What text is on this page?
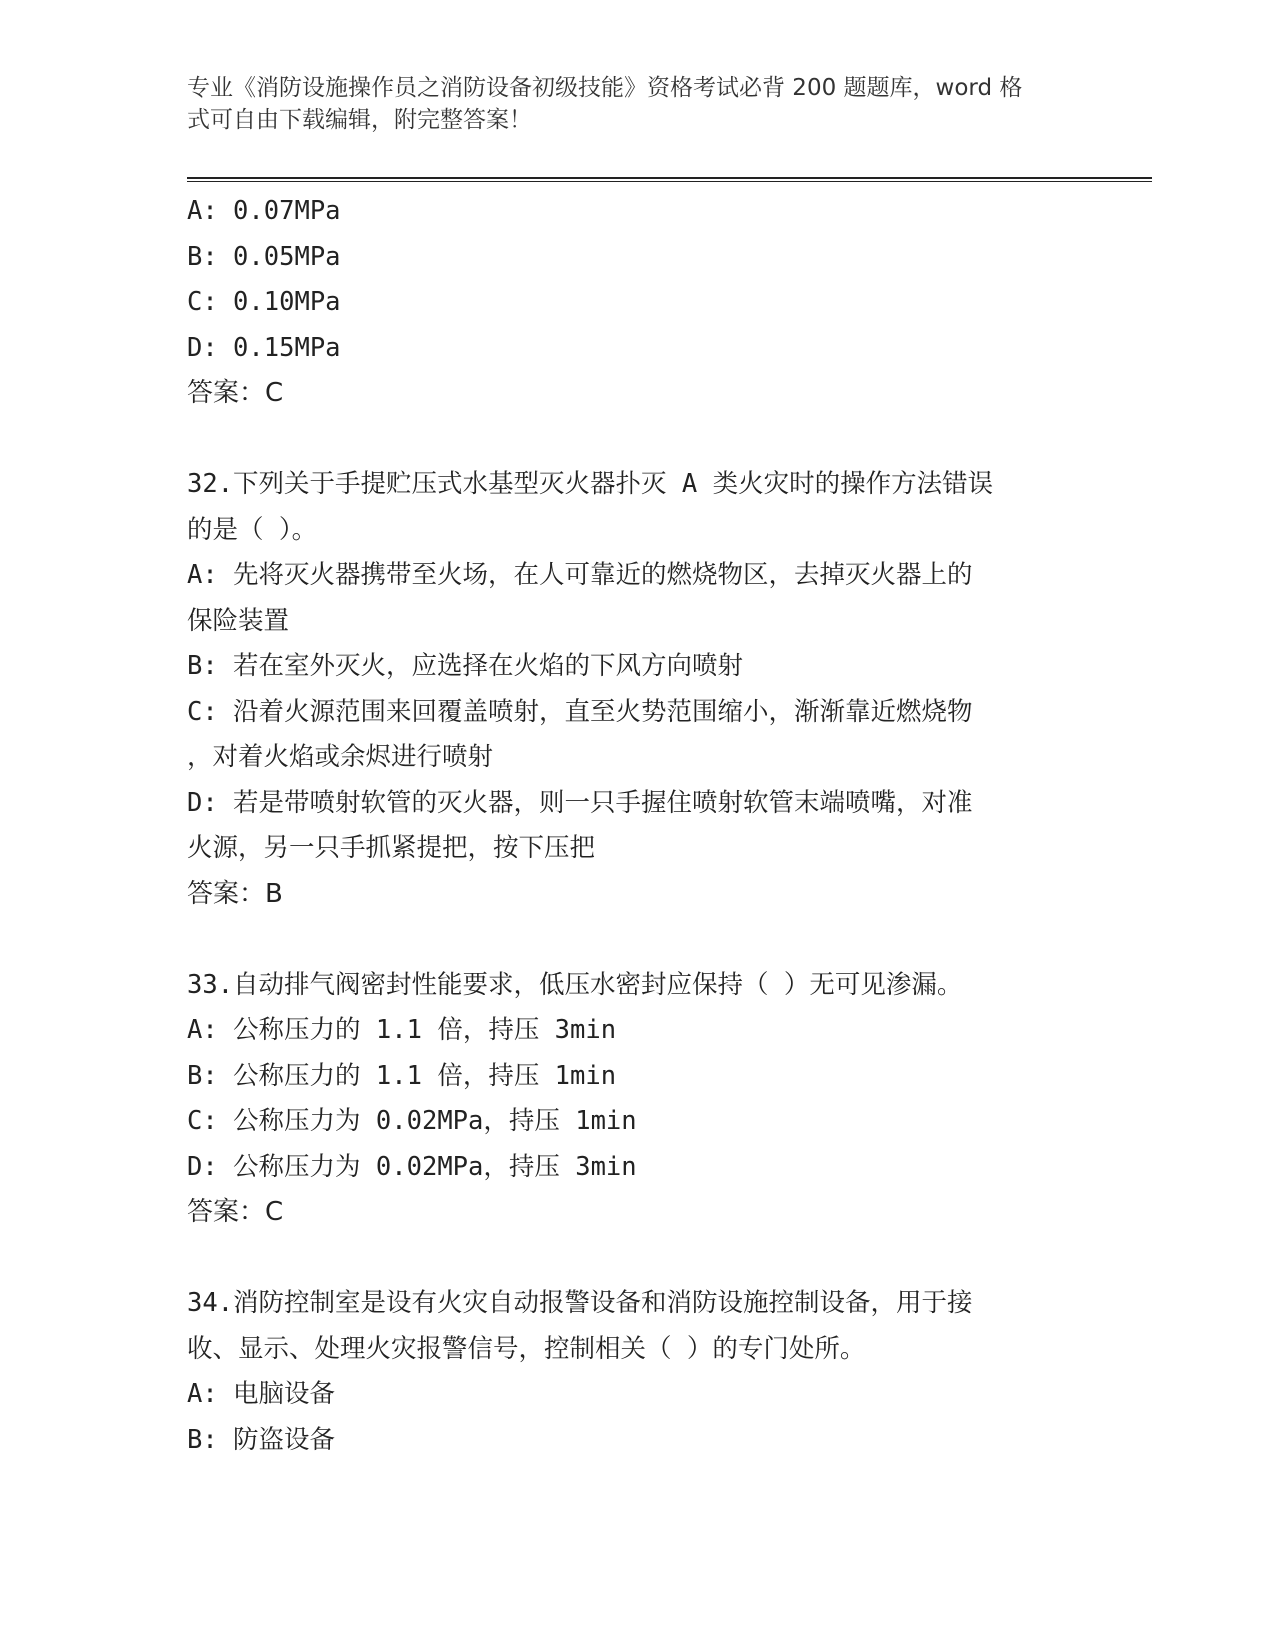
专业《消防设施操作员之消防设备初级技能》资格考试必背 200 题题库，word 格

式可自由下载编辑，附完整答案！

A: 0.07MPa
B: 0.05MPa
C: 0.10MPa
D: 0.15MPa
答案：C
32.下列关于手提贮压式水基型灭火器扑灭 A 类火灾时的操作方法错误
的是（ ）。
A: 先将灭火器携带至火场，在人可靠近的燃烧物区，去掉灭火器上的
保险装置
B: 若在室外灭火，应选择在火焰的下风方向喷射
C: 沿着火源范围来回覆盖喷射，直至火势范围缩小，渐渐靠近燃烧物
，对着火焰或余烬进行喷射
D: 若是带喷射软管的灭火器，则一只手握住喷射软管末端喷嘴，对准
火源，另一只手抓紧提把，按下压把
答案：B
33.自动排气阀密封性能要求，低压水密封应保持（ ）无可见渗漏。
A: 公称压力的 1.1 倍，持压 3min
B: 公称压力的 1.1 倍，持压 1min
C: 公称压力为 0.02MPa，持压 1min
D: 公称压力为 0.02MPa，持压 3min
答案：C
34.消防控制室是设有火灾自动报警设备和消防设施控制设备，用于接
收、显示、处理火灾报警信号，控制相关（ ）的专门处所。
A: 电脑设备
B: 防盗设备
